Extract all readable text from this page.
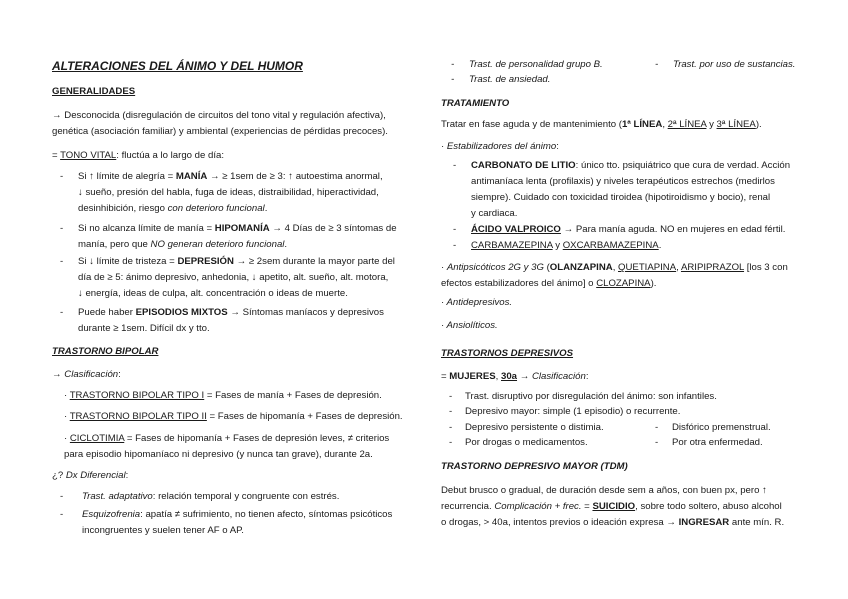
ALTERACIONES DEL ÁNIMO Y DEL HUMOR
GENERALIDADES
→ Desconocida (disregulación de circuitos del tono vital y regulación afectiva),
genética (asociación familiar) y ambiental (experiencias de pérdidas precoces).
= TONO VITAL: fluctúa a lo largo de día:
- Si ↑ límite de alegría = MANÍA → ≥ 1sem de ≥ 3: ↑ autoestima anormal,
↓ sueño, presión del habla, fuga de ideas, distraibilidad, hiperactividad,
desinhibición, riesgo con deterioro funcional.
- Si no alcanza límite de manía = HIPOMANÍA → 4 Días de ≥ 3 síntomas de
manía, pero que NO generan deterioro funcional.
- Si ↓ límite de tristeza = DEPRESIÓN → ≥ 2sem durante la mayor parte del
día de ≥ 5: ánimo depresivo, anhedonia, ↓ apetito, alt. sueño, alt. motora,
↓ energía, ideas de culpa, alt. concentración o ideas de muerte.
- Puede haber EPISODIOS MIXTOS → Síntomas maníacos y depresivos
durante ≥ 1sem. Difícil dx y tto.
TRASTORNO BIPOLAR
→ Clasificación:
· TRASTORNO BIPOLAR TIPO I = Fases de manía + Fases de depresión.
· TRASTORNO BIPOLAR TIPO II = Fases de hipomanía + Fases de depresión.
· CICLOTIMIA = Fases de hipomanía + Fases de depresión leves, ≠ criterios
para episodio hipomaníaco ni depresivo (y nunca tan grave), durante 2a.
¿? Dx Diferencial:
- Trast. adaptativo: relación temporal y congruente con estrés.
- Esquizofrenia: apatía ≠ sufrimiento, no tienen afecto, síntomas psicóticos
incongruentes y suelen tener AF o AP.
- Trast. de personalidad grupo B.	- Trast. por uso de sustancias.
- Trast. de ansiedad.
TRATAMIENTO
Tratar en fase aguda y de mantenimiento (1ª LÍNEA, 2ª LÍNEA y 3ª LÍNEA).
· Estabilizadores del ánimo:
- CARBONATO DE LITIO: único tto. psiquiátrico que cura de verdad. Acción
antimaníaca lenta (profilaxis) y niveles terapéuticos estrechos (medirlos
siempre). Cuidado con toxicidad tiroidea (hipotiroidismo y bocio), renal
y cardiaca.
- ÁCIDO VALPROICO → Para manía aguda. NO en mujeres en edad fértil.
- CARBAMAZEPINA y OXCARBAMAZEPINA.
· Antipsicóticos 2G y 3G (OLANZAPINA, QUETIAPINA, ARIPIPRAZOL [los 3 con
efectos estabilizadores del ánimo] o CLOZAPINA).
· Antidepresivos.
· Ansiolíticos.
TRASTORNOS DEPRESIVOS
= MUJERES, 30a → Clasificación:
- Trast. disruptivo por disregulación del ánimo: son infantiles.
- Depresivo mayor: simple (1 episodio) o recurrente.
- Depresivo persistente o distimia.	- Disfórico premenstrual.
- Por drogas o medicamentos.	- Por otra enfermedad.
TRASTORNO DEPRESIVO MAYOR (TDM)
Debut brusco o gradual, de duración desde sem a años, con buen px, pero ↑
recurrencia. Complicación + frec. = SUICIDIO, sobre todo soltero, abuso alcohol
o drogas, > 40a, intentos previos o ideación expresa → INGRESAR ante mín. R.
